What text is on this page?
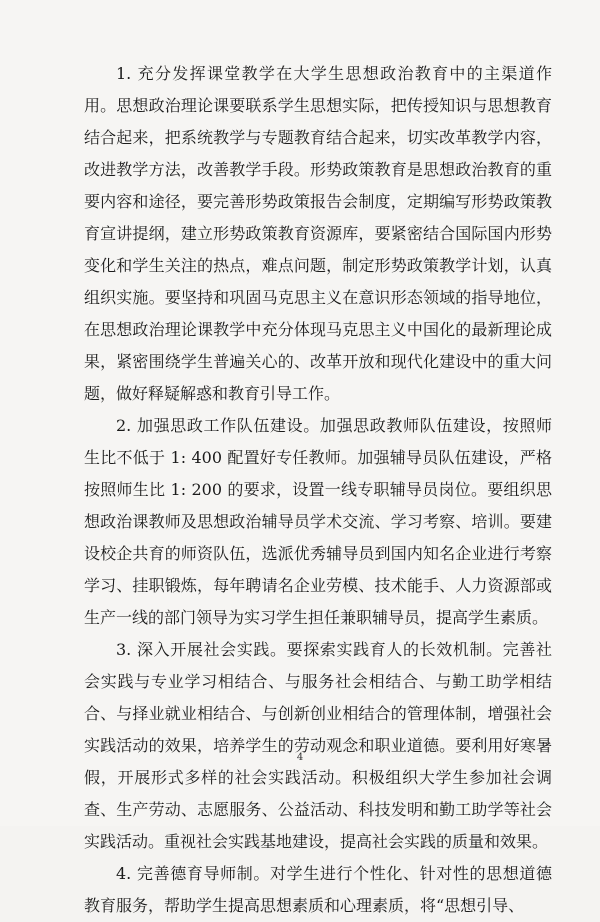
1. 充分发挥课堂教学在大学生思想政治教育中的主渠道作用。思想政治理论课要联系学生思想实际，把传授知识与思想教育结合起来，把系统教学与专题教育结合起来，切实改革教学内容，改进教学方法，改善教学手段。形势政策教育是思想政治教育的重要内容和途径，要完善形势政策报告会制度，定期编写形势政策教育宣讲提纲，建立形势政策教育资源库，要紧密结合国际国内形势变化和学生关注的热点，难点问题，制定形势政策教学计划，认真组织实施。要坚持和巩固马克思主义在意识形态领域的指导地位，在思想政治理论课教学中充分体现马克思主义中国化的最新理论成果，紧密围绕学生普遍关心的、改革开放和现代化建设中的重大问题，做好释疑解惑和教育引导工作。

2. 加强思政工作队伍建设。加强思政教师队伍建设，按照师生比不低于 1: 400 配置好专任教师。加强辅导员队伍建设，严格按照师生比 1: 200 的要求，设置一线专职辅导员岗位。要组织思想政治课教师及思想政治辅导员学术交流、学习考察、培训。要建设校企共育的师资队伍，选派优秀辅导员到国内知名企业进行考察学习、挂职锻炼，每年聘请名企业劳模、技术能手、人力资源部或生产一线的部门领导为实习学生担任兼职辅导员，提高学生素质。

3. 深入开展社会实践。要探索实践育人的长效机制。完善社会实践与专业学习相结合、与服务社会相结合、与勤工助学相结合、与择业就业相结合、与创新创业相结合的管理体制，增强社会实践活动的效果，培养学生的劳动观念和职业道德。要利用好寒暑假，开展形式多样的社会实践活动。积极组织大学生参加社会调查、生产劳动、志愿服务、公益活动、科技发明和勤工助学等社会实践活动。重视社会实践基地建设，提高社会实践的质量和效果。

4. 完善德育导师制。对学生进行个性化、针对性的思想道德教育服务，帮助学生提高思想素质和心理素质，将“思想引导、

4
